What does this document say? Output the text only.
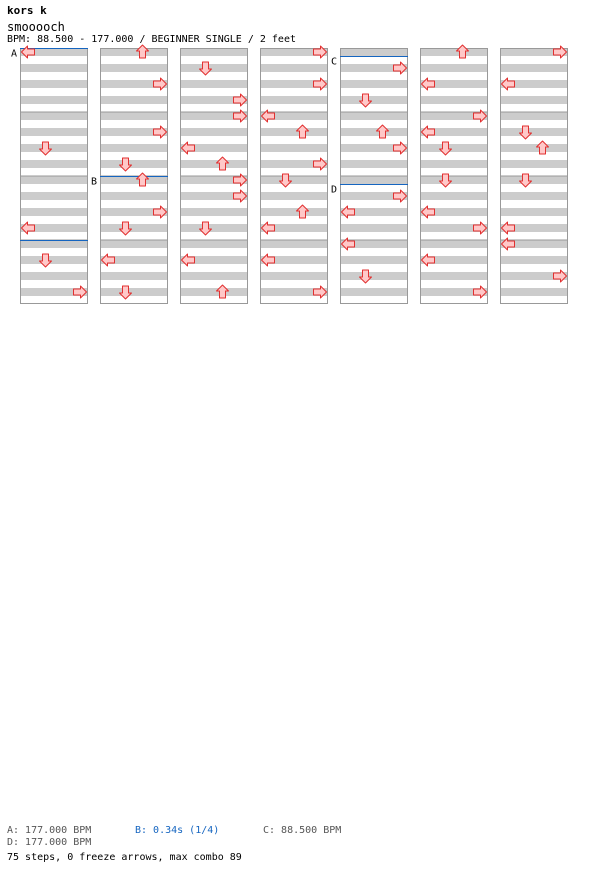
kors k
smooooch
BPM: 88.500 - 177.000 / BEGINNER SINGLE / 2 feet
A
B
C
D
A: 177.000 BPM	B: 0.34s (1/4)	C: 88.500 BPM
D: 177.000 BPM
75 steps, 0 freeze arrows, max combo 89
